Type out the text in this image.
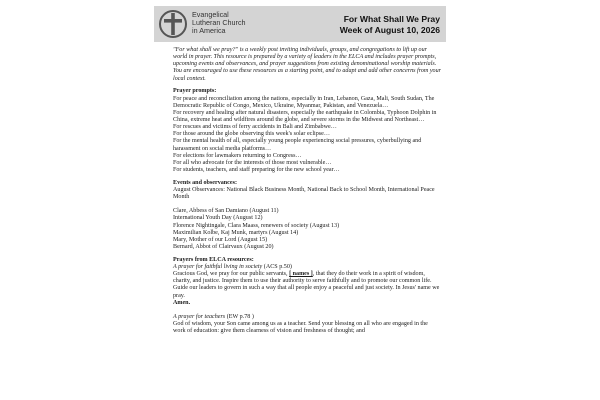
Evangelical
Lutheran Church
in America
For What Shall We Pray
Week of August 10, 2026

"For what shall we pray?" is a weekly post inviting individuals, groups, and congregations to lift up our world in prayer. This resource is prepared by a variety of leaders in the ELCA and includes prayer prompts, upcoming events and observances, and prayer suggestions from existing denominational worship materials. You are encouraged to use these resources as a starting point, and to adapt and add other concerns from your local context.

Prayer prompts:

For peace and reconciliation among the nations, especially in Iran, Lebanon, Gaza, Mali, South Sudan, The Democratic Republic of Congo, Mexico, Ukraine, Myanmar, Pakistan, and Venezuela…

For recovery and healing after natural disasters, especially the earthquake in Colombia, Typhoon Dolphin in China, extreme heat and wildfires around the globe, and severe storms in the Midwest and Northeast…

For rescues and victims of ferry accidents in Bali and Zimbabwe…

For those around the globe observing this week's solar eclipse…

For the mental health of all, especially young people experiencing social pressures, cyberbullying and harassment on social media platforms…

For elections for lawmakers returning to Congress…

For all who advocate for the interests of those most vulnerable…

For students, teachers, and staff preparing for the new school year…

Events and observances:

August Observances: National Black Business Month, National Back to School Month, International Peace Month

Clare, Abbess of San Damiano (August 11)

International Youth Day (August 12)

Florence Nightingale, Clara Maass, renewers of society (August 13)

Maximilian Kolbe, Kaj Munk, martyrs (August 14)

Mary, Mother of our Lord (August 15)

Bernard, Abbot of Clairvaux (August 20)

Prayers from ELCA resources:

A prayer for faithful living in society (ACS p.50)

Gracious God, we pray for our public servants, [ names ], that they do their work in a spirit of wisdom, charity, and justice. Inspire them to use their authority to serve faithfully and to promote our common life. Guide our leaders to govern in such a way that all people enjoy a peaceful and just society. In Jesus' name we pray.

Amen.

A prayer for teachers (EW p.78 )

God of wisdom, your Son came among us as a teacher. Send your blessing on all who are engaged in the work of education: give them clearness of vision and freshness of thought; and
